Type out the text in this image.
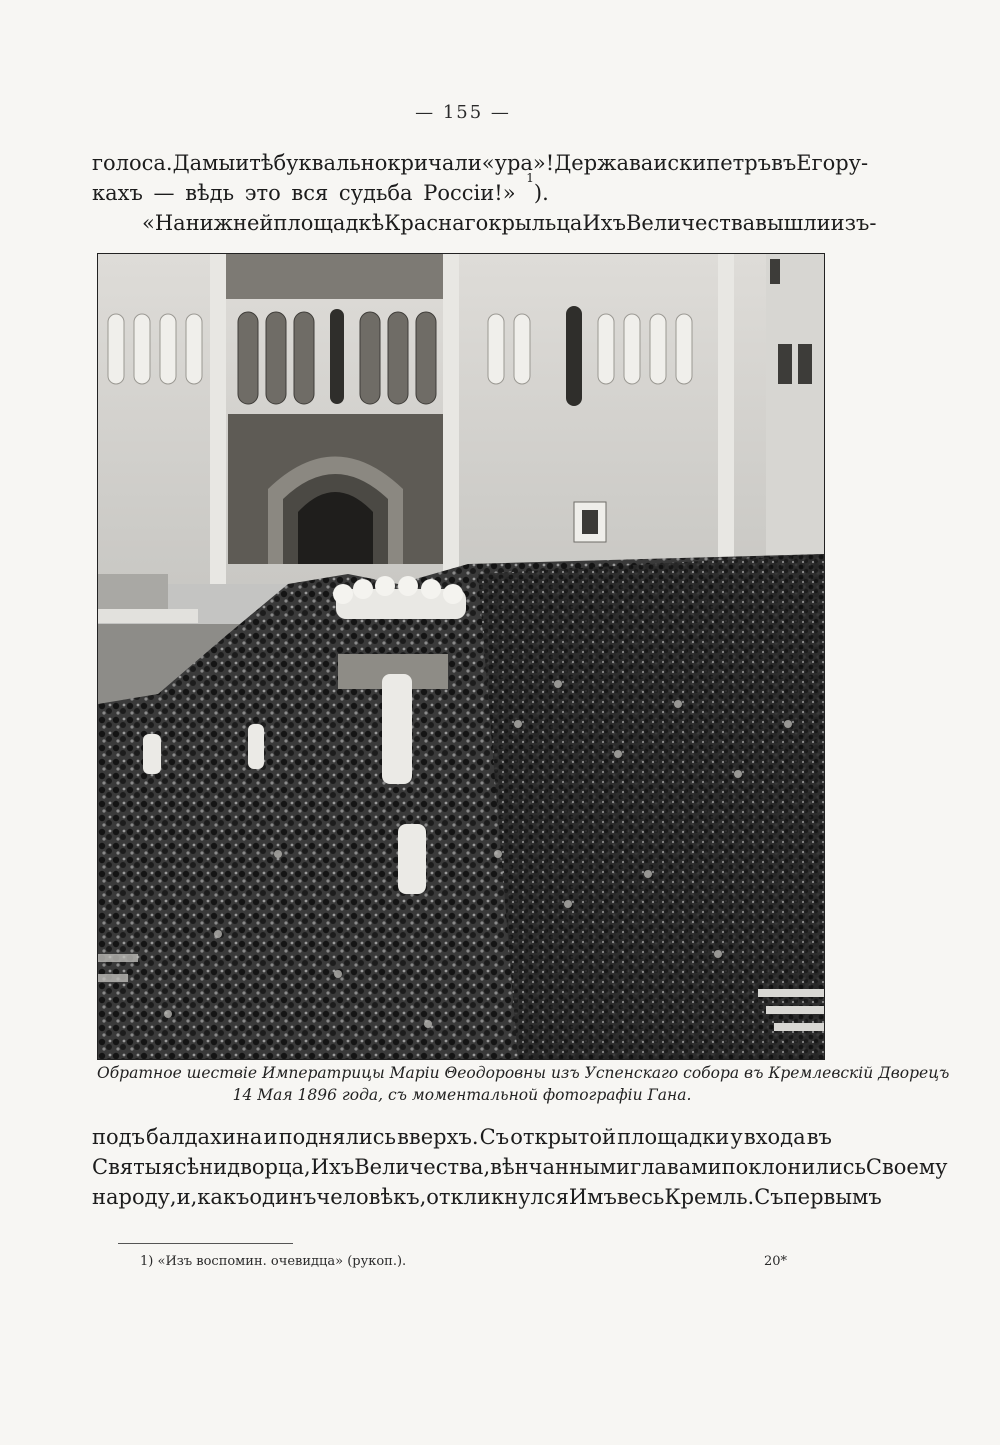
— 155 —
голоса. Дамы и тѣ буквально кричали «ура»! Держава и скипетръ въ Его ру-
кахъ — вѣдь это вся судьба Россiи!»

1
).
«На нижней площадкѣ Краснаго крыльца Ихъ Величества вышли изъ-
Обратное шествiе Императрицы Марiи Θеодоровны изъ Успенскаго собора въ Кремлевскiй Дворецъ
14 Мая 1896 года, съ моментальной фотографiи Гана.
подъ балдахина и поднялись вверхъ. Съ открытой площадки у входа въ
Святыя сѣни дворца, Ихъ Величества, вѣнчанными главами поклонились Своему
народу, и, какъ одинъ человѣкъ, откликнулся Имъ весь Кремль. Съ первымъ
1) «Изъ воспомин. очевидца» (рукоп.).	20*
